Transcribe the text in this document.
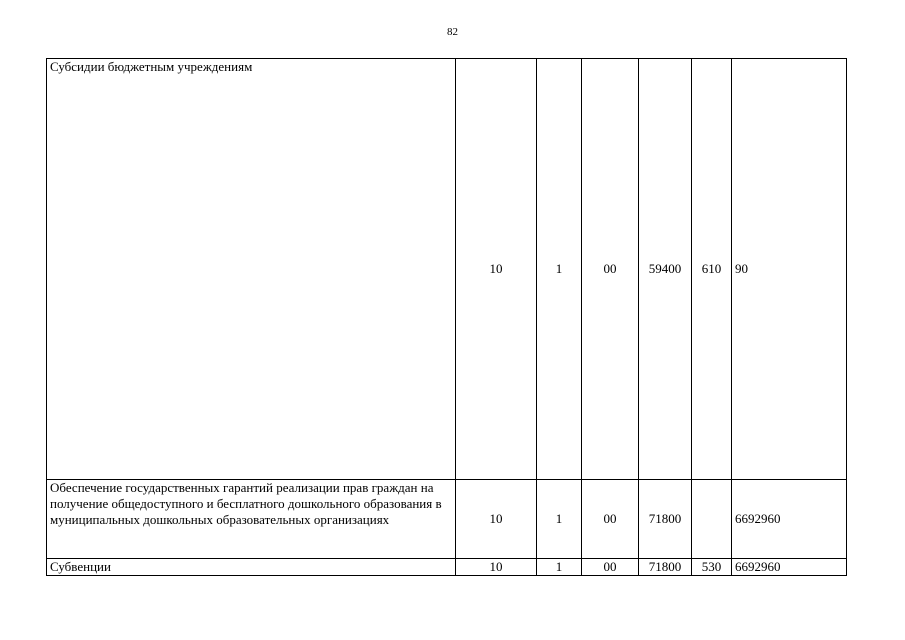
82
Субсидии бюджетным учреждениям	10	1	00	59400	610	90
Обеспечение государственных гарантий реализации прав граждан на получение общедоступного и бесплатного дошкольного образования в муниципальных дошкольных образовательных организациях	10	1	00	71800		6692960
Субвенции	10	1	00	71800	530	6692960
